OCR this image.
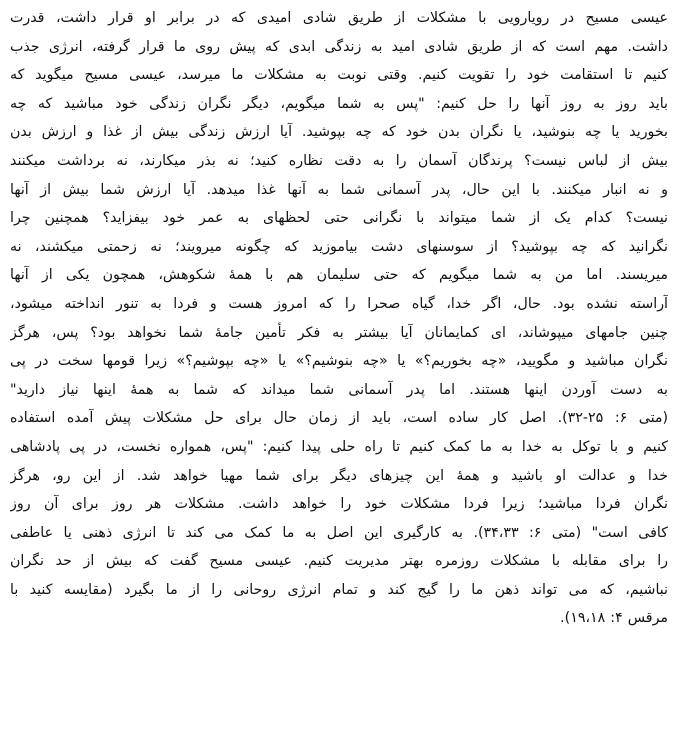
عیسی مسیح در رویارویی با مشکلات از طریق شادی امیدی که در برابر او قرار داشت، قدرت
داشت. مهم است که از طریق شادی امید به زندگی ابدی که پیش روی ما قرار گرفته، انرژی جذب
کنیم تا استقامت خود را تقویت کنیم. وقتی نوبت به مشکلات ما میرسد، عیسی مسیح میگوید که
باید روز به روز آنها را حل کنیم: "پس به شما میگویم، دیگر نگران زندگی خود مباشید که چه
بخورید یا چه بنوشید، یا نگران بدن خود که چه بپوشید. آیا ارزش زندگی بیش از غذا و ارزش بدن
بیش از لباس نیست؟ پرندگان آسمان را به دقت نظاره کنید؛ نه بذر میکارند، نه برداشت میکنند
و نه انبار میکنند. با این حال، پدر آسمانی شما به آنها غذا میدهد. آیا ارزش شما بیش از آنها
نیست؟ کدام یک از شما میتواند با نگرانی حتی لحظهای به عمر خود بیفزاید؟ همچنین چرا
نگرانید که چه بپوشید؟ از سوسنهای دشت بیاموزید که چگونه میرویند؛ نه زحمتی میکشند، نه
میریسند. اما من به شما میگویم که حتی سلیمان هم با همهٔ شکوهش، همچون یکی از آنها
آراسته نشده بود. حال، اگر خدا، گیاه صحرا را که امروز هست و فردا به تنور انداخته میشود،
چنین جامهای میپوشاند، ای کمایمانان آیا بیشتر به فکر تأمین جامهٔ شما نخواهد بود؟ پس، هرگز
نگران مباشید و مگویید، «چه بخوریم؟» یا «چه بنوشیم؟» یا «چه بپوشیم؟» زیرا قومها سخت در پی
به دست آوردن اینها هستند. اما پدر آسمانی شما میداند که شما به همهٔ اینها نیاز دارید"
(متی ۶: ۲۵-۳۲). اصل کار ساده است، باید از زمان حال برای حل مشکلات پیش آمده استفاده
کنیم و با توکل به خدا به ما کمک کنیم تا راه حلی پیدا کنیم: "پس، همواره نخست، در پی پادشاهی
خدا و عدالت او باشید و همهٔ این چیزهای دیگر برای شما مهیا خواهد شد. از این رو، هرگز
نگران فردا مباشید؛ زیرا فردا مشکلات خود را خواهد داشت. مشکلات هر روز برای آن روز
کافی است" (متی ۶: ۳۴،۳۳). به کارگیری این اصل به ما کمک می کند تا انرژی ذهنی یا عاطفی
را برای مقابله با مشکلات روزمره بهتر مدیریت کنیم. عیسی مسیح گفت که بیش از حد نگران
نباشیم، که می تواند ذهن ما را گیج کند و تمام انرژی روحانی را از ما بگیرد (مقایسه کنید با
مرقس ۴: ۱۹،۱۸).
